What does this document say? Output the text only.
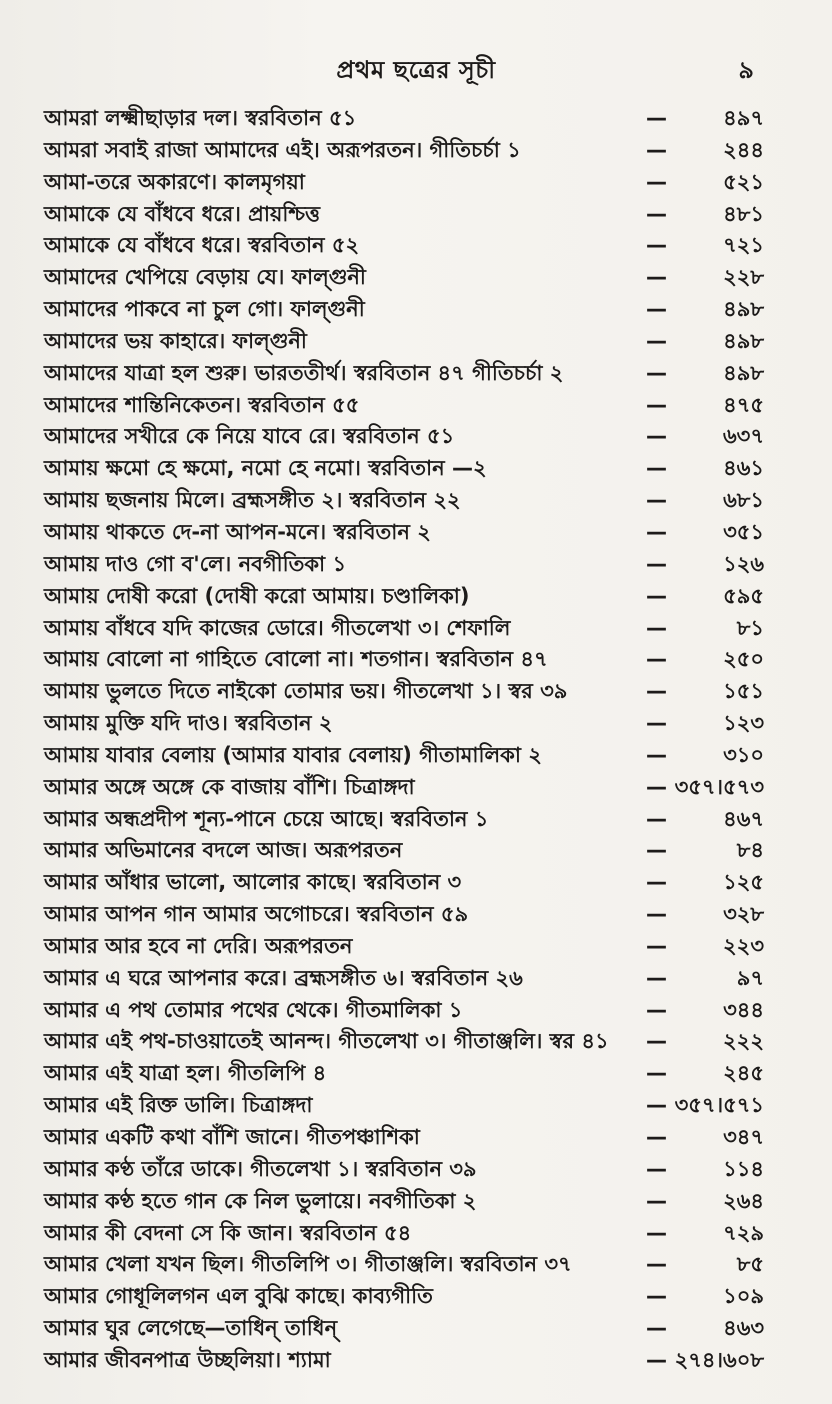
প্রথম ছত্রের সূচী	৯
আমরা লক্ষ্মীছাড়ার দল। স্বরবিতান ৫১	—	৪৯৭
আমরা সবাই রাজা আমাদের এই। অরূপরতন। গীতিচর্চা ১	—	২৪৪
আমা-তরে অকারণে। কালমৃগয়া	—	৫২১
আমাকে যে বাঁধবে ধরে। প্রায়শ্চিত্ত	—	৪৮১
আমাকে যে বাঁধবে ধরে। স্বরবিতান ৫২	—	৭২১
আমাদের খেপিয়ে বেড়ায় যে। ফাল্গুনী	—	২২৮
আমাদের পাকবে না চুল গো। ফাল্গুনী	—	৪৯৮
আমাদের ভয় কাহারে। ফাল্গুনী	—	৪৯৮
আমাদের যাত্রা হল শুরু। ভারততীর্থ। স্বরবিতান ৪৭ গীতিচর্চা ২	—	৪৯৮
আমাদের শান্তিনিকেতন। স্বরবিতান ৫৫	—	৪৭৫
আমাদের সখীরে কে নিয়ে যাবে রে। স্বরবিতান ৫১	—	৬৩৭
আমায় ক্ষমো হে ক্ষমো, নমো হে নমো। স্বরবিতান —২	—	৪৬১
আমায় ছজনায় মিলে। ব্রহ্মসঙ্গীত ২। স্বরবিতান ২২	—	৬৮১
আমায় থাকতে দে-না আপন-মনে। স্বরবিতান ২	—	৩৫১
আমায় দাও গো ব'লে। নবগীতিকা ১	—	১২৬
আমায় দোষী করো (দোষী করো আমায়। চণ্ডালিকা)	—	৫৯৫
আমায় বাঁধবে যদি কাজের ডোরে। গীতলেখা ৩। শেফালি	—	৮১
আমায় বোলো না গাহিতে বোলো না। শতগান। স্বরবিতান ৪৭	—	২৫০
আমায় ভুলতে দিতে নাইকো তোমার ভয়। গীতলেখা ১। স্বর ৩৯	—	১৫১
আমায় মুক্তি যদি দাও। স্বরবিতান ২	—	১২৩
আমায় যাবার বেলায় (আমার যাবার বেলায়) গীতামালিকা ২	—	৩১০
আমার অঙ্গে অঙ্গে কে বাজায় বাঁশি। চিত্রাঙ্গদা	— ৩৫৭।৫৭৩
আমার অন্ধপ্রদীপ শূন্য-পানে চেয়ে আছে। স্বরবিতান ১	—	৪৬৭
আমার অভিমানের বদলে আজ। অরূপরতন	—	৮৪
আমার আঁধার ভালো, আলোর কাছে। স্বরবিতান ৩	—	১২৫
আমার আপন গান আমার অগোচরে। স্বরবিতান ৫৯	—	৩২৮
আমার আর হবে না দেরি। অরূপরতন	—	২২৩
আমার এ ঘরে আপনার করে। ব্রহ্মসঙ্গীত ৬। স্বরবিতান ২৬	—	৯৭
আমার এ পথ তোমার পথের থেকে। গীতমালিকা ১	—	৩৪৪
আমার এই পথ-চাওয়াতেই আনন্দ। গীতলেখা ৩। গীতাঞ্জলি। স্বর ৪১ —	২২২
আমার এই যাত্রা হল। গীতলিপি ৪	—	২৪৫
আমার এই রিক্ত ডালি। চিত্রাঙ্গদা	— ৩৫৭।৫৭১
আমার একটি কথা বাঁশি জানে। গীতপঞ্চাশিকা	—	৩৪৭
আমার কণ্ঠ তাঁরে ডাকে। গীতলেখা ১। স্বরবিতান ৩৯	—	১১৪
আমার কণ্ঠ হতে গান কে নিল ভুলায়ে। নবগীতিকা ২	—	২৬৪
আমার কী বেদনা সে কি জান। স্বরবিতান ৫৪	—	৭২৯
আমার খেলা যখন ছিল। গীতলিপি ৩। গীতাঞ্জলি। স্বরবিতান ৩৭	—	৮৫
আমার গোধূলিলগন এল বুঝি কাছে। কাব্যগীতি	—	১০৯
আমার ঘুর লেগেছে—তাধিন্ তাধিন্	—	৪৬৩
আমার জীবনপাত্র উচ্ছলিয়া। শ্যামা	— ২৭৪।৬০৮
